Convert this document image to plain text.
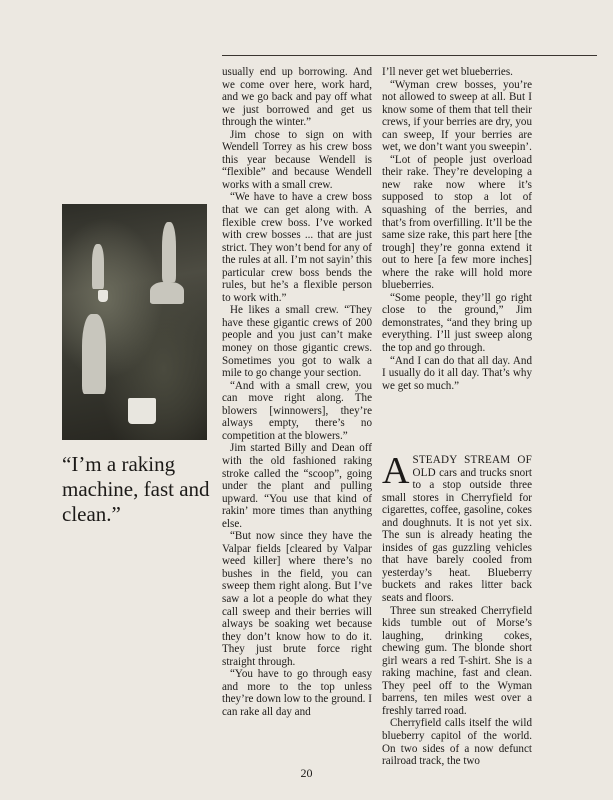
“I’m a raking machine, fast and clean.”

usually end up borrowing. And we come over here, work hard, and we go back and pay off what we just borrowed and get us through the winter.”

Jim chose to sign on with Wendell Torrey as his crew boss this year because Wendell is “flexible” and because Wendell works with a small crew.

“We have to have a crew boss that we can get along with. A flexible crew boss. I’ve worked with crew bosses ... that are just strict. They won’t bend for any of the rules at all. I’m not sayin’ this particular crew boss bends the rules, but he’s a flexible person to work with.”

He likes a small crew. “They have these gigantic crews of 200 people and you just can’t make money on those gigantic crews. Sometimes you got to walk a mile to go change your section.

“And with a small crew, you can move right along. The blowers [winnowers], they’re always empty, there’s no competition at the blowers.”

Jim started Billy and Dean off with the old fashioned raking stroke called the “scoop”, going under the plant and pulling upward. “You use that kind of rakin’ more times than anything else.

“But now since they have the Valpar fields [cleared by Valpar weed killer] where there’s no bushes in the field, you can sweep them right along. But I’ve saw a lot a people do what they call sweep and their berries will always be soaking wet because they don’t know how to do it. They just brute force right straight through.

“You have to go through easy and more to the top unless they’re down low to the ground. I can rake all day and

I’ll never get wet blueberries.

“Wyman crew bosses, you’re not allowed to sweep at all. But I know some of them that tell their crews, if your berries are dry, you can sweep, If your berries are wet, we don’t want you sweepin’.

“Lot of people just overload their rake. They’re developing a new rake now where it’s supposed to stop a lot of squashing of the berries, and that’s from overfilling. It’ll be the same size rake, this part here [the trough] they’re gonna extend it out to here [a few more inches] where the rake will hold more blueberries.

“Some people, they’ll go right close to the ground,” Jim demonstrates, “and they bring up everything. I’ll just sweep along the top and go through.

“And I can do that all day. And I usually do it all day. That’s why we get so much.”

ASTEADY STREAM OF OLD cars and trucks snort to a stop outside three small stores in Cherryfield for cigarettes, coffee, gasoline, cokes and doughnuts. It is not yet six. The sun is already heating the insides of gas guzzling vehicles that have barely cooled from yesterday’s heat. Blueberry buckets and rakes litter back seats and floors.

Three sun streaked Cherryfield kids tumble out of Morse’s laughing, drinking cokes, chewing gum. The blonde short girl wears a red T-shirt. She is a raking machine, fast and clean. They peel off to the Wyman barrens, ten miles west over a freshly tarred road.

Cherryfield calls itself the wild blueberry capitol of the world. On two sides of a now defunct railroad track, the two

20
